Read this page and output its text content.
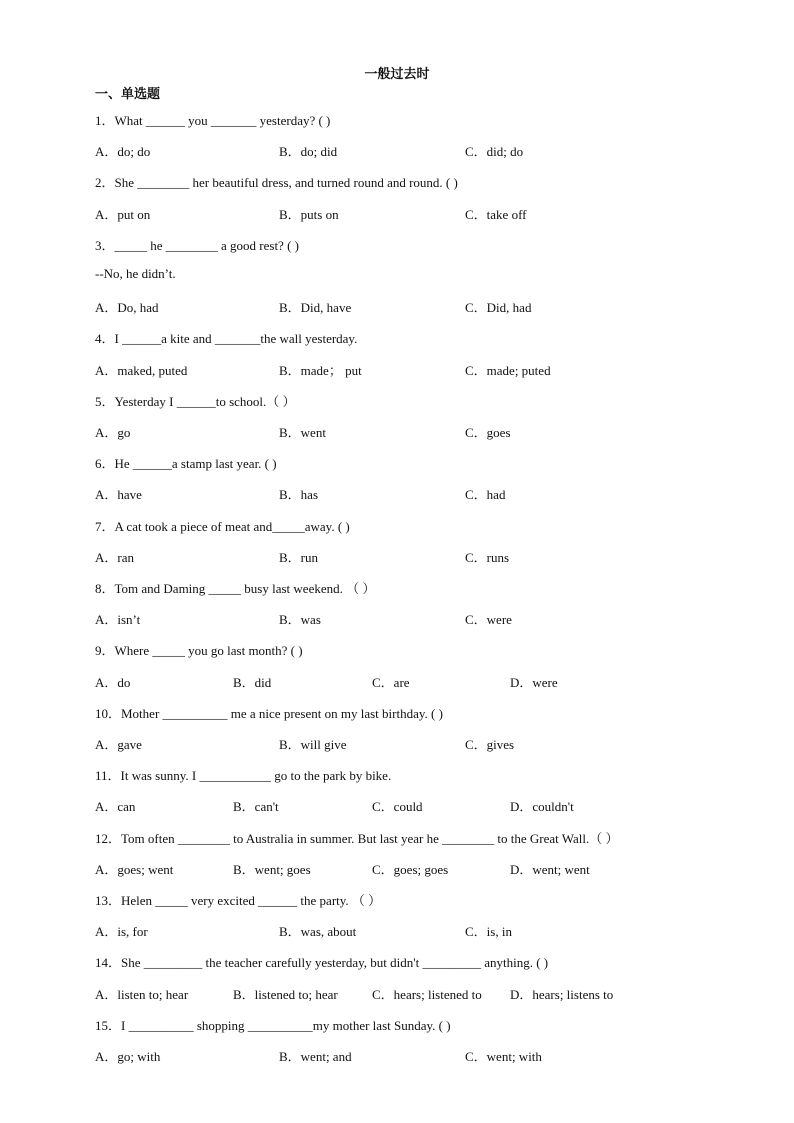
一般过去时
一、单选题
1．What ______ you _______ yesterday? ( )
A．do; do	B．do; did	C．did; do
2．She ________ her beautiful dress, and turned round and round. ( )
A．put on	B．puts on	C．take off
3．_____ he ________ a good rest? ( )
--No, he didn’t.
A．Do, had	B．Did, have	C．Did, had
4．I ______a kite and _______the wall yesterday.
A．maked, puted	B．made； put	C．made; puted
5．Yesterday I ______to school.（ ）
A．go	B．went	C．goes
6．He ______a stamp last year. ( )
A．have	B．has	C．had
7．A cat took a piece of meat and_____away. ( )
A．ran	B．run	C．runs
8．Tom and Daming _____ busy last weekend. （ ）
A．isn’t	B．was	C．were
9．Where _____ you go last month? ( )
A．do	B．did	C．are	D．were
10．Mother __________ me a nice present on my last birthday. ( )
A．gave	B．will give	C．gives
11．It was sunny. I ___________ go to the park by bike.
A．can	B．can't	C．could	D．couldn't
12．Tom often ________ to Australia in summer. But last year he ________ to the Great Wall.（ ）
A．goes; went	B．went; goes	C．goes; goes	D．went; went
13．Helen _____ very excited ______ the party. （ ）
A．is, for	B．was, about	C．is, in
14．She _________ the teacher carefully yesterday, but didn't _________ anything. ( )
A．listen to; hear	B．listened to; hear	C．hears; listened to D．hears; listens to
15．I __________ shopping __________my mother last Sunday. ( )
A．go; with	B．went; and	C．went; with
